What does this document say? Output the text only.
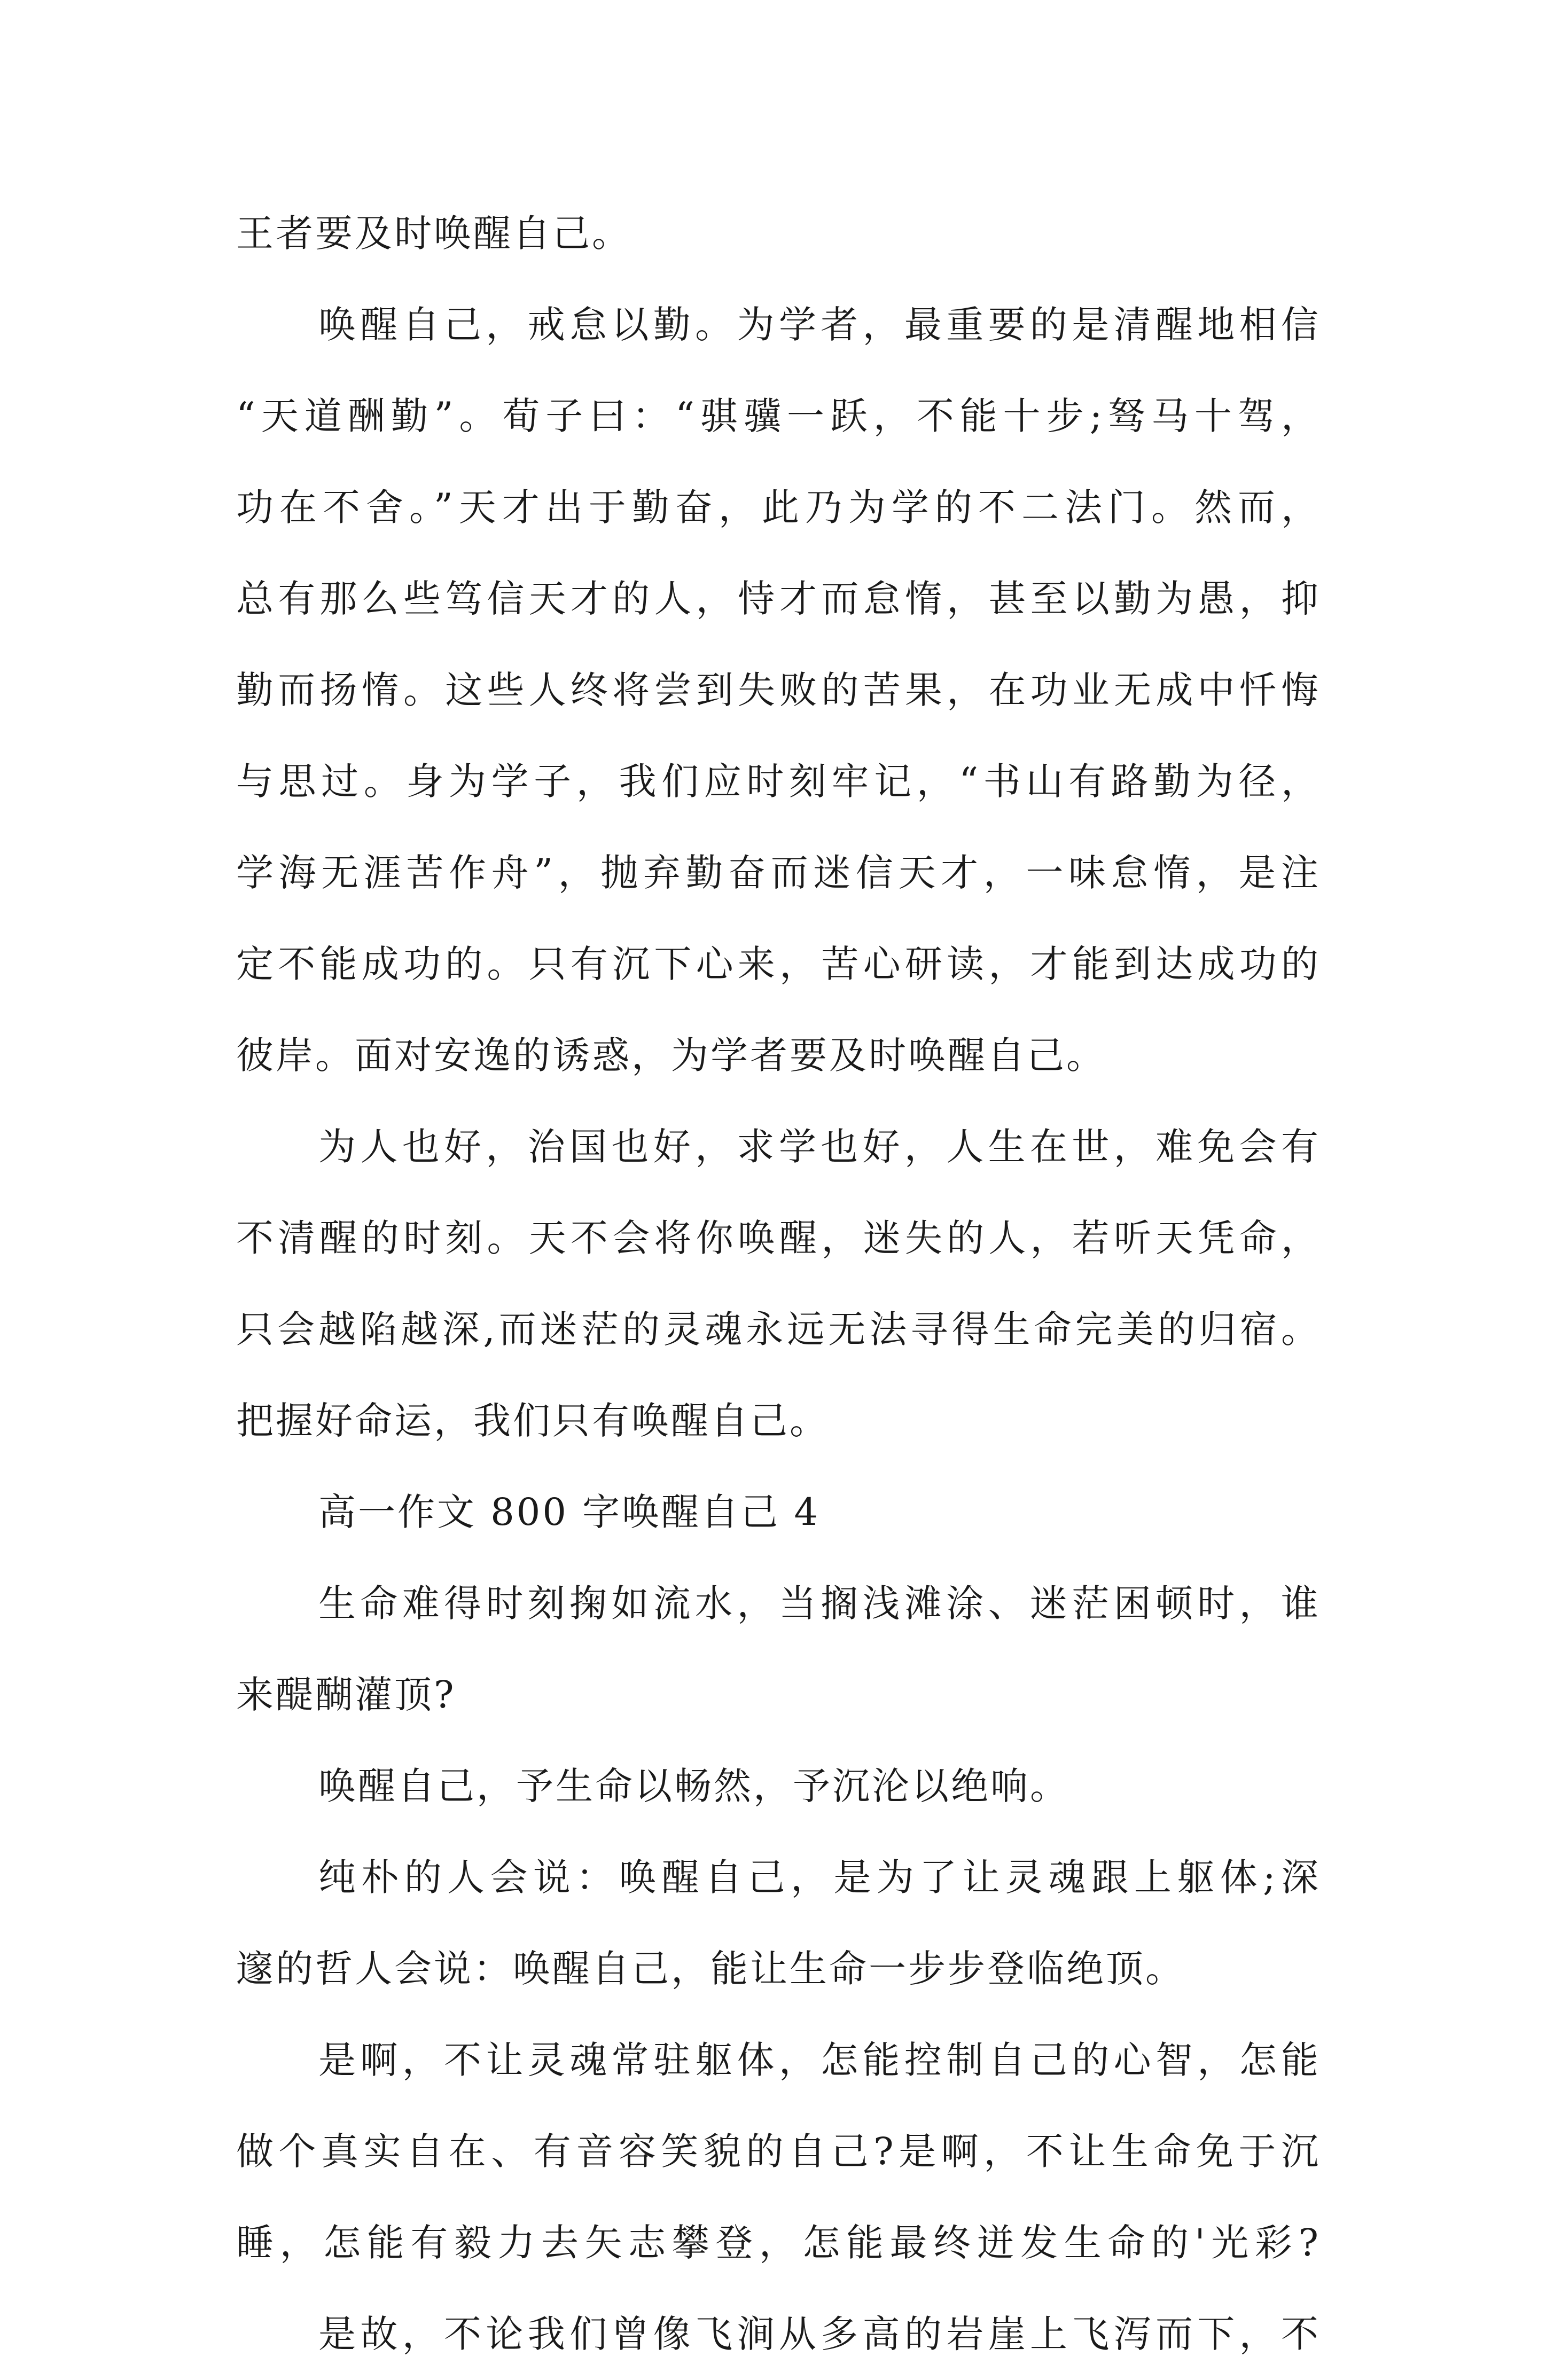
王者要及时唤醒自己。
唤醒自己，戒怠以勤。为学者，最重要的是清醒地相信
“天道酬勤”。荀子曰：“骐骥一跃，不能十步;驽马十驾，
功在不舍。”天才出于勤奋，此乃为学的不二法门。然而，
总有那么些笃信天才的人，恃才而怠惰，甚至以勤为愚，抑
勤而扬惰。这些人终将尝到失败的苦果，在功业无成中忏悔
与思过。身为学子，我们应时刻牢记，“书山有路勤为径，
学海无涯苦作舟”，抛弃勤奋而迷信天才，一味怠惰，是注
定不能成功的。只有沉下心来，苦心研读，才能到达成功的
彼岸。面对安逸的诱惑，为学者要及时唤醒自己。
为人也好，治国也好，求学也好，人生在世，难免会有
不清醒的时刻。天不会将你唤醒，迷失的人，若听天凭命，
只会越陷越深,而迷茫的灵魂永远无法寻得生命完美的归宿。
把握好命运，我们只有唤醒自己。
高一作文 800 字唤醒自己 4
生命难得时刻掬如流水，当搁浅滩涂、迷茫困顿时，谁
来醍醐灌顶?
唤醒自己，予生命以畅然，予沉沦以绝响。
纯朴的人会说：唤醒自己，是为了让灵魂跟上躯体;深
邃的哲人会说：唤醒自己，能让生命一步步登临绝顶。
是啊，不让灵魂常驻躯体，怎能控制自己的心智，怎能
做个真实自在、有音容笑貌的自己?是啊，不让生命免于沉
睡，怎能有毅力去矢志攀登，怎能最终迸发生命的'光彩?
是故，不论我们曾像飞涧从多高的岩崖上飞泻而下，不
